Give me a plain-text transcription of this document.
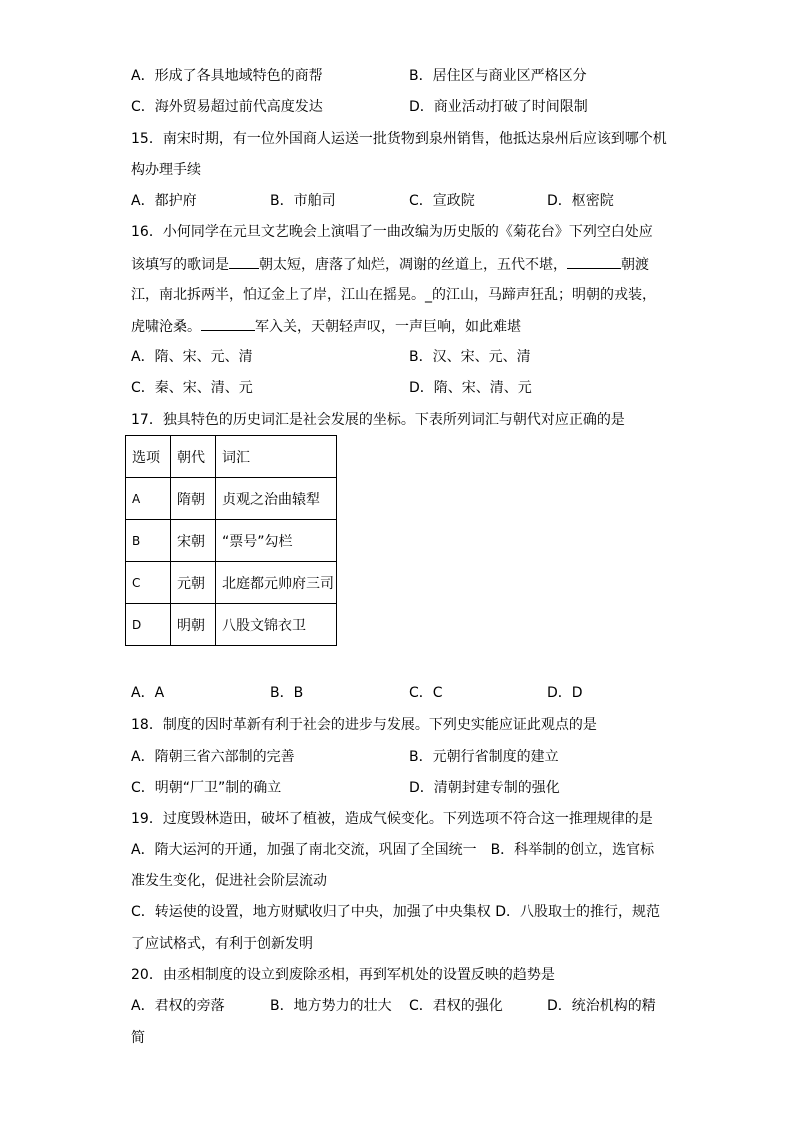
A．形成了各具地域特色的商帮	B．居住区与商业区严格区分
C．海外贸易超过前代高度发达	D．商业活动打破了时间限制
15．南宋时期，有一位外国商人运送一批货物到泉州销售，他抵达泉州后应该到哪个机
构办理手续
A．都护府	B．市舶司	C．宣政院	D．枢密院
16．小何同学在元旦文艺晚会上演唱了一曲改编为历史版的《菊花台》下列空白处应
该填写的歌词是 朝太短，唐落了灿烂，凋谢的丝道上，五代不堪，	朝渡
江，南北拆两半，怕辽金上了岸，江山在摇晃。_的江山，马蹄声狂乱；明朝的戎装，
虎啸沧桑。	军入关，天朝轻声叹，一声巨响，如此难堪
A．隋、宋、元、清	B．汉、宋、元、清
C．秦、宋、清、元	D．隋、宋、清、元
17．独具特色的历史词汇是社会发展的坐标。下表所列词汇与朝代对应正确的是
选项	朝代	词汇
A	隋朝	贞观之治曲辕犁
B	宋朝	“票号”勾栏
C	元朝	北庭都元帅府三司
D	明朝	八股文锦衣卫
A．A	B．B	C．C	D．D
18．制度的因时革新有利于社会的进步与发展。下列史实能应证此观点的是
A．隋朝三省六部制的完善	B．元朝行省制度的建立
C．明朝“厂卫”制的确立	D．清朝封建专制的强化
19．过度毁林造田，破坏了植被，造成气候变化。下列选项不符合这一推理规律的是
A．隋大运河的开通，加强了南北交流，巩固了全国统一　B．科举制的创立，选官标
准发生变化，促进社会阶层流动
C．转运使的设置，地方财赋收归了中央，加强了中央集权 D．八股取士的推行，规范
了应试格式，有利于创新发明
20．由丞相制度的设立到废除丞相，再到军机处的设置反映的趋势是
A．君权的旁落	B．地方势力的壮大 C．君权的强化	D．统治机构的精
简
